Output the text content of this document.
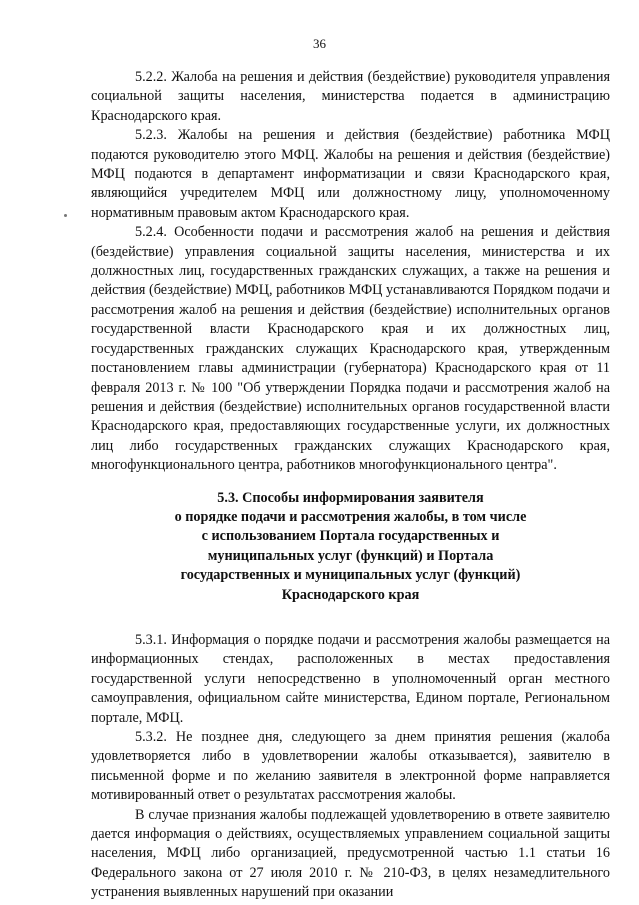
36

5.2.2. Жалоба на решения и действия (бездействие) руководителя управления социальной защиты населения, министерства подается в администрацию Краснодарского края.

5.2.3. Жалобы на решения и действия (бездействие) работника МФЦ подаются руководителю этого МФЦ. Жалобы на решения и действия (бездействие) МФЦ подаются в департамент информатизации и связи Краснодарского края, являющийся учредителем МФЦ или должностному лицу, уполномоченному нормативным правовым актом Краснодарского края.

5.2.4. Особенности подачи и рассмотрения жалоб на решения и действия (бездействие) управления социальной защиты населения, министерства и их должностных лиц, государственных гражданских служащих, а также на решения и действия (бездействие) МФЦ, работников МФЦ устанавливаются Порядком подачи и рассмотрения жалоб на решения и действия (бездействие) исполнительных органов государственной власти Краснодарского края и их должностных лиц, государственных гражданских служащих Краснодарского края, утвержденным постановлением главы администрации (губернатора) Краснодарского края от 11 февраля 2013 г. № 100 "Об утверждении Порядка подачи и рассмотрения жалоб на решения и действия (бездействие) исполнительных органов государственной власти Краснодарского края, предоставляющих государственные услуги, их должностных лиц либо государственных гражданских служащих Краснодарского края, многофункционального центра, работников многофункционального центра".

5.3. Способы информирования заявителя
о порядке подачи и рассмотрения жалобы, в том числе
с использованием Портала государственных и
муниципальных услуг (функций) и Портала
государственных и муниципальных услуг (функций)
Краснодарского края

5.3.1. Информация о порядке подачи и рассмотрения жалобы размещается на информационных стендах, расположенных в местах предоставления государственной услуги непосредственно в уполномоченный орган местного самоуправления, официальном сайте министерства, Едином портале, Региональном портале, МФЦ.

5.3.2. Не позднее дня, следующего за днем принятия решения (жалоба удовлетворяется либо в удовлетворении жалобы отказывается), заявителю в письменной форме и по желанию заявителя в электронной форме направляется мотивированный ответ о результатах рассмотрения жалобы.

В случае признания жалобы подлежащей удовлетворению в ответе заявителю дается информация о действиях, осуществляемых управлением социальной защиты населения, МФЦ либо организацией, предусмотренной частью 1.1 статьи 16 Федерального закона от 27 июля 2010 г. № 210-ФЗ, в целях незамедлительного устранения выявленных нарушений при оказании
